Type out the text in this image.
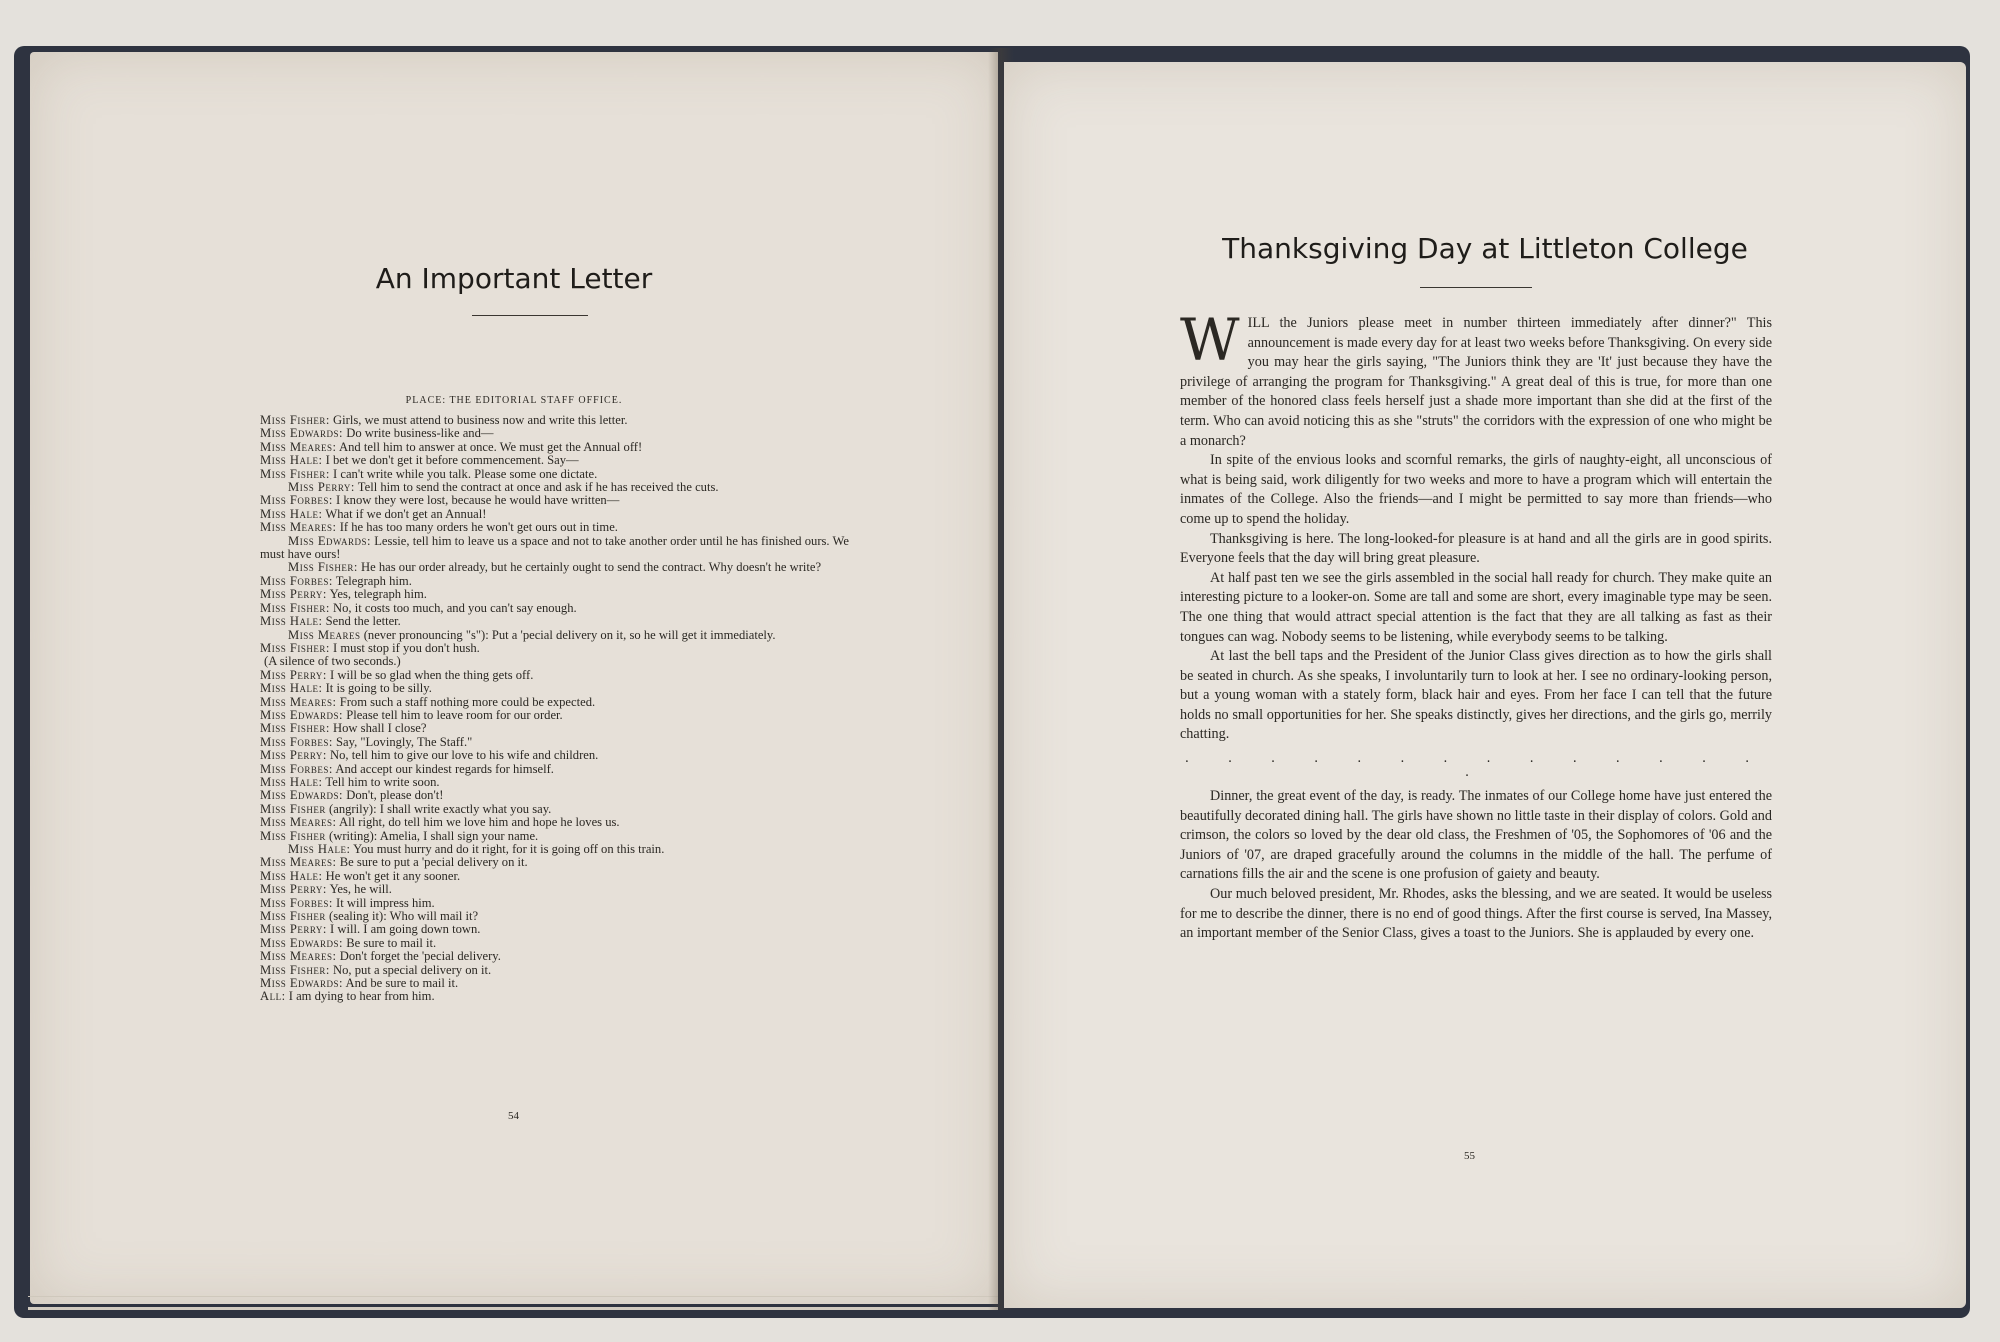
An Important Letter
PLACE: THE EDITORIAL STAFF OFFICE.
Miss Fisher: Girls, we must attend to business now and write this letter.
Miss Edwards: Do write business-like and—
Miss Meares: And tell him to answer at once. We must get the Annual off!
Miss Hale: I bet we don't get it before commencement. Say—
Miss Fisher: I can't write while you talk. Please some one dictate.
Miss Perry: Tell him to send the contract at once and ask if he has received the cuts.
Miss Forbes: I know they were lost, because he would have written—
Miss Hale: What if we don't get an Annual!
Miss Meares: If he has too many orders he won't get ours out in time.
Miss Edwards: Lessie, tell him to leave us a space and not to take another order until he has finished ours. We must have ours!
Miss Fisher: He has our order already, but he certainly ought to send the contract. Why doesn't he write?
Miss Forbes: Telegraph him.
Miss Perry: Yes, telegraph him.
Miss Fisher: No, it costs too much, and you can't say enough.
Miss Hale: Send the letter.
Miss Meares (never pronouncing "s"): Put a 'pecial delivery on it, so he will get it immediately.
Miss Fisher: I must stop if you don't hush.
(A silence of two seconds.)
Miss Perry: I will be so glad when the thing gets off.
Miss Hale: It is going to be silly.
Miss Meares: From such a staff nothing more could be expected.
Miss Edwards: Please tell him to leave room for our order.
Miss Fisher: How shall I close?
Miss Forbes: Say, "Lovingly, The Staff."
Miss Perry: No, tell him to give our love to his wife and children.
Miss Forbes: And accept our kindest regards for himself.
Miss Hale: Tell him to write soon.
Miss Edwards: Don't, please don't!
Miss Fisher (angrily): I shall write exactly what you say.
Miss Meares: All right, do tell him we love him and hope he loves us.
Miss Fisher (writing): Amelia, I shall sign your name.
Miss Hale: You must hurry and do it right, for it is going off on this train.
Miss Meares: Be sure to put a 'pecial delivery on it.
Miss Hale: He won't get it any sooner.
Miss Perry: Yes, he will.
Miss Forbes: It will impress him.
Miss Fisher (sealing it): Who will mail it?
Miss Perry: I will. I am going down town.
Miss Edwards: Be sure to mail it.
Miss Meares: Don't forget the 'pecial delivery.
Miss Fisher: No, put a special delivery on it.
Miss Edwards: And be sure to mail it.
All: I am dying to hear from him.
54
Thanksgiving Day at Littleton College

WILL the Juniors please meet in number thirteen immediately after dinner?" This announcement is made every day for at least two weeks before Thanksgiving. On every side you may hear the girls saying, "The Juniors think they are 'It' just because they have the privilege of arranging the program for Thanksgiving." A great deal of this is true, for more than one member of the honored class feels herself just a shade more important than she did at the first of the term. Who can avoid noticing this as she "struts" the corridors with the expression of one who might be a monarch?

In spite of the envious looks and scornful remarks, the girls of naughty-eight, all unconscious of what is being said, work diligently for two weeks and more to have a program which will entertain the inmates of the College. Also the friends—and I might be permitted to say more than friends—who come up to spend the holiday.

Thanksgiving is here. The long-looked-for pleasure is at hand and all the girls are in good spirits. Everyone feels that the day will bring great pleasure.

At half past ten we see the girls assembled in the social hall ready for church. They make quite an interesting picture to a looker-on. Some are tall and some are short, every imaginable type may be seen. The one thing that would attract special attention is the fact that they are all talking as fast as their tongues can wag. Nobody seems to be listening, while everybody seems to be talking.

At last the bell taps and the President of the Junior Class gives direction as to how the girls shall be seated in church. As she speaks, I involuntarily turn to look at her. I see no ordinary-looking person, but a young woman with a stately form, black hair and eyes. From her face I can tell that the future holds no small opportunities for her. She speaks distinctly, gives her directions, and the girls go, merrily chatting.

. . . . . . . . . . . . . . .

Dinner, the great event of the day, is ready. The inmates of our College home have just entered the beautifully decorated dining hall. The girls have shown no little taste in their display of colors. Gold and crimson, the colors so loved by the dear old class, the Freshmen of '05, the Sophomores of '06 and the Juniors of '07, are draped gracefully around the columns in the middle of the hall. The perfume of carnations fills the air and the scene is one profusion of gaiety and beauty.

Our much beloved president, Mr. Rhodes, asks the blessing, and we are seated. It would be useless for me to describe the dinner, there is no end of good things. After the first course is served, Ina Massey, an important member of the Senior Class, gives a toast to the Juniors. She is applauded by every one.

55
